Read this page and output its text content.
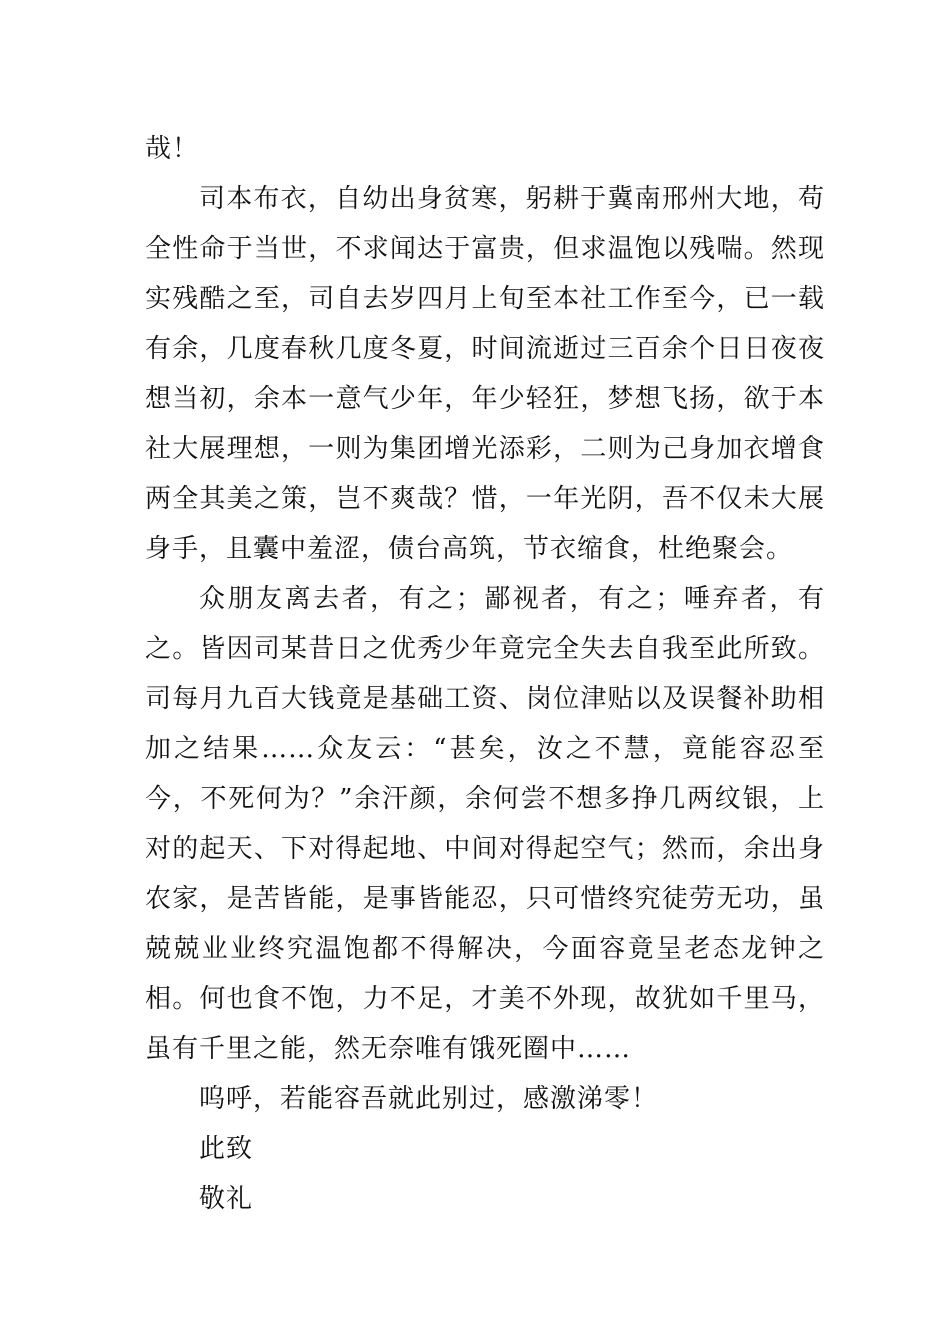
哉！

司本布衣，自幼出身贫寒，躬耕于冀南邢州大地，苟全性命于当世，不求闻达于富贵，但求温饱以残喘。然现实残酷之至，司自去岁四月上旬至本社工作至今，已一载有余，几度春秋几度冬夏，时间流逝过三百余个日日夜夜想当初，余本一意气少年，年少轻狂，梦想飞扬，欲于本社大展理想，一则为集团增光添彩，二则为己身加衣增食两全其美之策，岂不爽哉？惜，一年光阴，吾不仅未大展身手，且囊中羞涩，债台高筑，节衣缩食，杜绝聚会。

众朋友离去者，有之；鄙视者，有之；唾弃者，有之。皆因司某昔日之优秀少年竟完全失去自我至此所致。司每月九百大钱竟是基础工资、岗位津贴以及误餐补助相加之结果……众友云：“甚矣，汝之不慧，竟能容忍至今，不死何为？”余汗颜，余何尝不想多挣几两纹银，上对的起天、下对得起地、中间对得起空气；然而，余出身农家，是苦皆能，是事皆能忍，只可惜终究徒劳无功，虽兢兢业业终究温饱都不得解决，今面容竟呈老态龙钟之相。何也食不饱，力不足，才美不外现，故犹如千里马，虽有千里之能，然无奈唯有饿死圈中……

呜呼，若能容吾就此别过，感激涕零！

此致

敬礼
